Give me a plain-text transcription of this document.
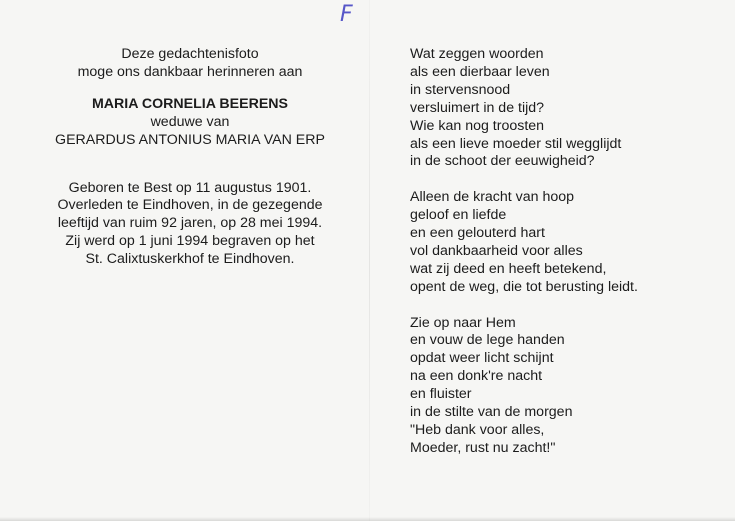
F
Deze gedachtenisfoto
moge ons dankbaar herinneren aan
MARIA CORNELIA BEERENS
weduwe van
GERARDUS ANTONIUS MARIA VAN ERP
Geboren te Best op 11 augustus 1901.
Overleden te Eindhoven, in de gezegende
leeftijd van ruim 92 jaren, op 28 mei 1994.
Zij werd op 1 juni 1994 begraven op het
St. Calixtuskerkhof te Eindhoven.
Wat zeggen woorden
als een dierbaar leven
in stervensnood
versluimert in de tijd?
Wie kan nog troosten
als een lieve moeder stil wegglijdt
in de schoot der eeuwigheid?
Alleen de kracht van hoop
geloof en liefde
en een gelouterd hart
vol dankbaarheid voor alles
wat zij deed en heeft betekend,
opent de weg, die tot berusting leidt.
Zie op naar Hem
en vouw de lege handen
opdat weer licht schijnt
na een donk're nacht
en fluister
in de stilte van de morgen
"Heb dank voor alles,
Moeder, rust nu zacht!"
